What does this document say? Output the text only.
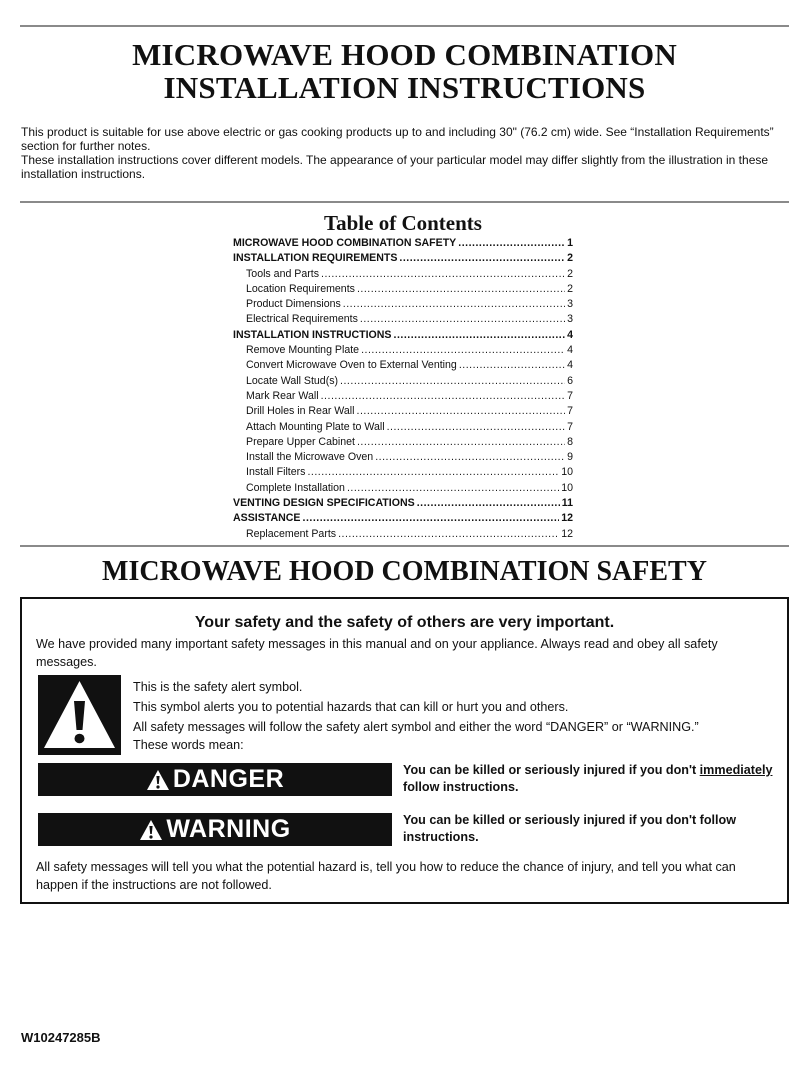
MICROWAVE HOOD COMBINATION
INSTALLATION INSTRUCTIONS

This product is suitable for use above electric or gas cooking products up to and including 30" (76.2 cm) wide. See “Installation Requirements” section for further notes.

These installation instructions cover different models. The appearance of your particular model may differ slightly from the illustration in these installation instructions.

Table of Contents
MICROWAVE HOOD COMBINATION SAFETY .....	1
INSTALLATION REQUIREMENTS .....	2
Tools and Parts .....	2
Location Requirements .....	2
Product Dimensions .....	3
Electrical Requirements .....	3
INSTALLATION INSTRUCTIONS .....	4
Remove Mounting Plate .....	4
Convert Microwave Oven to External Venting .....	4
Locate Wall Stud(s) .....	6
Mark Rear Wall .....	7
Drill Holes in Rear Wall .....	7
Attach Mounting Plate to Wall .....	7
Prepare Upper Cabinet .....	8
Install the Microwave Oven .....	9
Install Filters .....	10
Complete Installation .....	10
VENTING DESIGN SPECIFICATIONS .....	11
ASSISTANCE .....	12
Replacement Parts .....	12
MICROWAVE HOOD COMBINATION SAFETY
Your safety and the safety of others are very important.

We have provided many important safety messages in this manual and on your appliance. Always read and obey all safety

messages.

This is the safety alert symbol.

This symbol alerts you to potential hazards that can kill or hurt you and others.

All safety messages will follow the safety alert symbol and either the word “DANGER” or “WARNING.”

These words mean:

DANGER	You can be killed or seriously injured if you don't immediately
follow instructions.

WARNING	You can be killed or seriously injured if you don't follow
instructions.

All safety messages will tell you what the potential hazard is, tell you how to reduce the chance of injury, and tell you what can

happen if the instructions are not followed.

W10247285B
